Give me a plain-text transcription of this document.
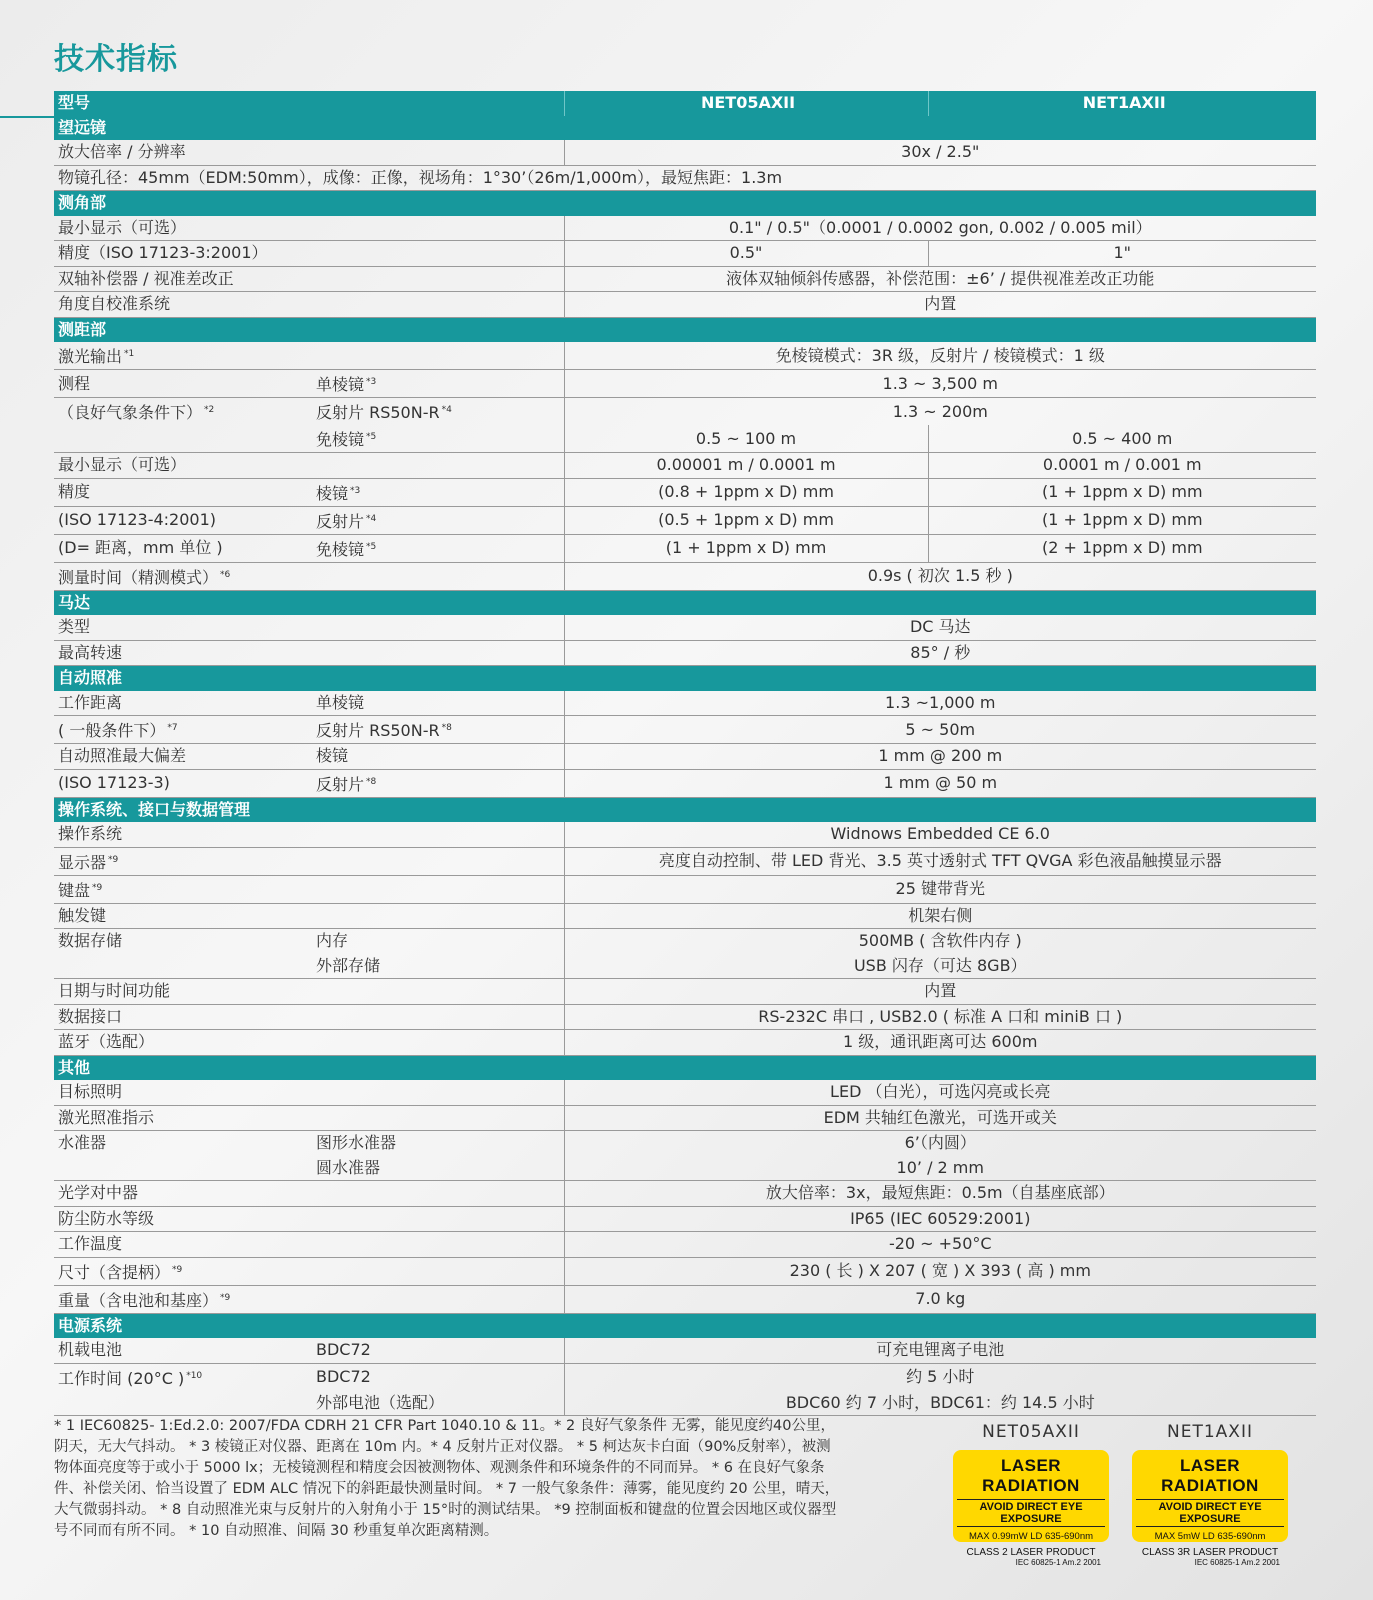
技术指标
型号		NET05AXII	NET1AXII
望远镜			
放大倍率 / 分辨率		30x / 2.5"	
物镜孔径：45mm（EDM:50mm），成像：正像，视场角：1°30’（26m/1,000m），最短焦距：1.3m			
测角部			
最小显示（可选）		0.1" / 0.5"（0.0001 / 0.0002 gon, 0.002 / 0.005 mil）	
精度（ISO 17123-3:2001）		0.5"	1"
双轴补偿器 / 视准差改正		液体双轴倾斜传感器，补偿范围：±6’ / 提供视准差改正功能	
角度自校准系统		内置	
测距部			
激光输出 $^{*1}$		免棱镜模式：3R 级，反射片 / 棱镜模式：1 级	
测程	单棱镜 $^{*3}$	1.3 ~ 3,500 m	
（良好气象条件下） $^{*2}$	反射片 RS50N-R $^{*4}$	1.3 ~ 200m	
	免棱镜 $^{*5}$	0.5 ~ 100 m	0.5 ~ 400 m
最小显示（可选）		0.00001 m / 0.0001 m	0.0001 m / 0.001 m
精度	棱镜 $^{*3}$	(0.8 + 1ppm x D) mm	(1 + 1ppm x D) mm
(ISO 17123-4:2001)	反射片 $^{*4}$	(0.5 + 1ppm x D) mm	(1 + 1ppm x D) mm
(D= 距离，mm 单位 )	免棱镜 $^{*5}$	(1 + 1ppm x D) mm	(2 + 1ppm x D) mm
测量时间（精测模式） $^{*6}$		0.9s ( 初次 1.5 秒 )	
马达			
类型		DC 马达	
最高转速		85° / 秒	
自动照准			
工作距离	单棱镜	1.3 ~1,000 m	
( 一般条件下） $^{*7}$	反射片 RS50N-R $^{*8}$	5 ~ 50m	
自动照准最大偏差	棱镜	1 mm @ 200 m	
(ISO 17123-3)	反射片 $^{*8}$	1 mm @ 50 m	
操作系统、接口与数据管理			
操作系统		Widnows Embedded CE 6.0	
显示器 $^{*9}$		亮度自动控制、带 LED 背光、3.5 英寸透射式 TFT QVGA 彩色液晶触摸显示器	
键盘 $^{*9}$		25 键带背光	
触发键		机架右侧	
数据存储	内存	500MB ( 含软件内存 )	
	外部存储	USB 闪存（可达 8GB）	
日期与时间功能		内置	
数据接口		RS-232C 串口 , USB2.0 ( 标准 A 口和 miniB 口 )	
蓝牙（选配）		1 级，通讯距离可达 600m	
其他			
目标照明		LED （白光），可选闪亮或长亮	
激光照准指示		EDM 共轴红色激光，可选开或关	
水准器	图形水准器	6’（内圆）	
	圆水准器	10’ / 2 mm	
光学对中器		放大倍率：3x，最短焦距：0.5m（自基座底部）	
防尘防水等级		IP65 (IEC 60529:2001)	
工作温度		-20 ~ +50°C	
尺寸（含提柄） $^{*9}$		230 ( 长 ) X 207 ( 宽 ) X 393 ( 高 ) mm	
重量（含电池和基座） $^{*9}$		7.0 kg	
电源系统			
机载电池	BDC72	可充电锂离子电池	
工作时间 (20°C ) $^{*10}$	BDC72	约 5 小时	
	外部电池（选配）	BDC60 约 7 小时，BDC61：约 14.5 小时	
* 1 IEC60825- 1:Ed.2.0: 2007/FDA CDRH 21 CFR Part 1040.10 & 11。* 2 良好气象条件 无雾，能见度约40公里，阴天，无大气抖动。 * 3 棱镜正对仪器、距离在 10m 内。* 4 反射片正对仪器。 * 5 柯达灰卡白面（90%反射率），被测物体面亮度等于或小于 5000 lx；无棱镜测程和精度会因被测物体、观测条件和环境条件的不同而异。 * 6 在良好气象条件、补偿关闭、恰当设置了 EDM ALC 情况下的斜距最快测量时间。 * 7 一般气象条件：薄雾，能见度约 20 公里，晴天，大气微弱抖动。 * 8 自动照准光束与反射片的入射角小于 15°时的测试结果。 *9 控制面板和键盘的位置会因地区或仪器型号不同而有所不同。 * 10 自动照准、间隔 30 秒重复单次距离精测。
NET05AXII	NET1AXII
LASER RADIATION
AVOID DIRECT EYE EXPOSURE
MAX 0.99mW LD 635-690nm
CLASS 2 LASER PRODUCT
IEC 60825-1 Am.2 2001
LASER RADIATION
AVOID DIRECT EYE EXPOSURE
MAX 5mW LD 635-690nm
CLASS 3R LASER PRODUCT
IEC 60825-1 Am.2 2001
